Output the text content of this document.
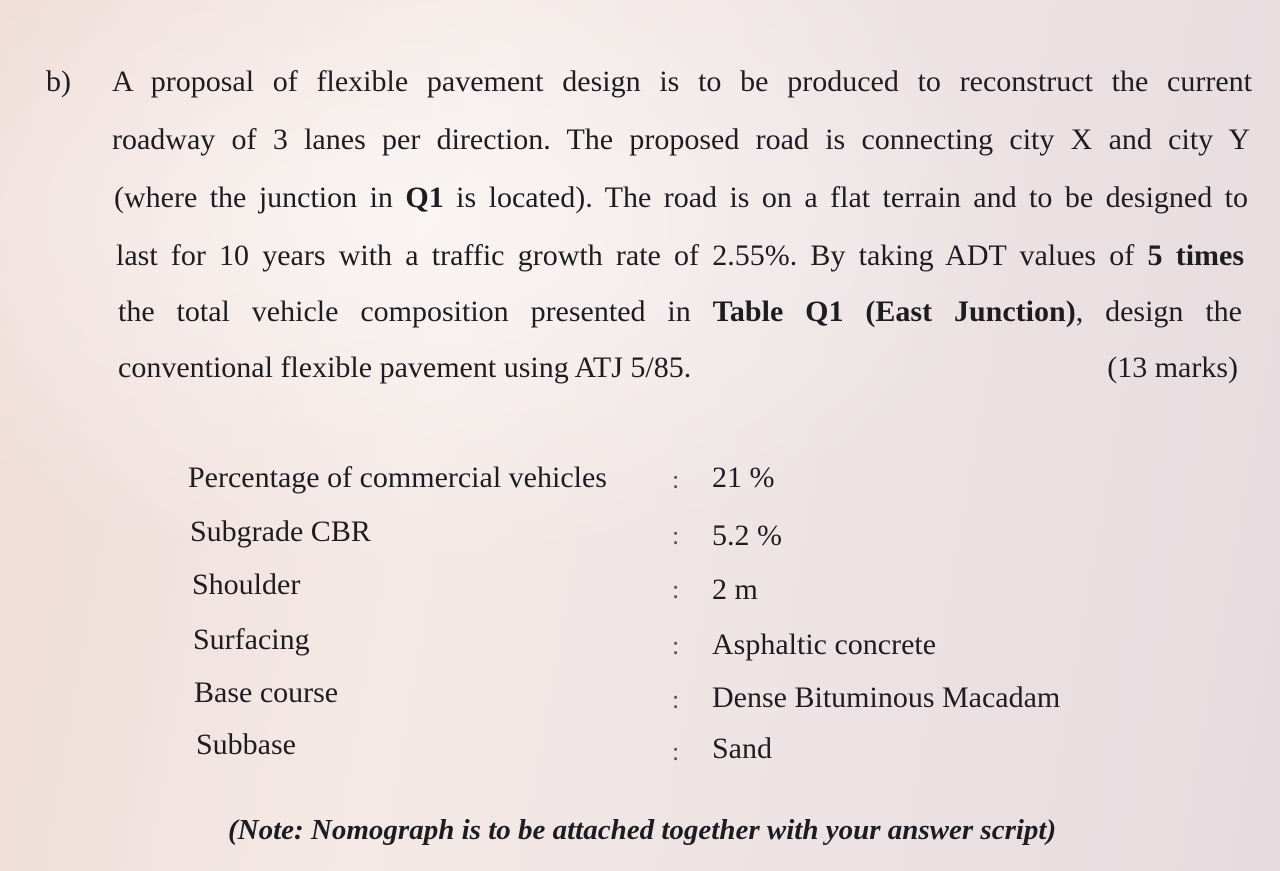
b) A proposal of flexible pavement design is to be produced to reconstruct the current
roadway of 3 lanes per direction. The proposed road is connecting city X and city Y
(where the junction in Q1 is located). The road is on a flat terrain and to be designed to
last for 10 years with a traffic growth rate of 2.55%. By taking ADT values of 5 times
the total vehicle composition presented in Table Q1 (East Junction), design the
conventional flexible pavement using ATJ 5/85.	(13 marks)
Percentage of commercial vehicles	: 21 %
Subgrade CBR	: 5.2 %
Shoulder	: 2 m
Surfacing	: Asphaltic concrete
Base course	: Dense Bituminous Macadam
Subbase	: Sand
(Note: Nomograph is to be attached together with your answer script)
